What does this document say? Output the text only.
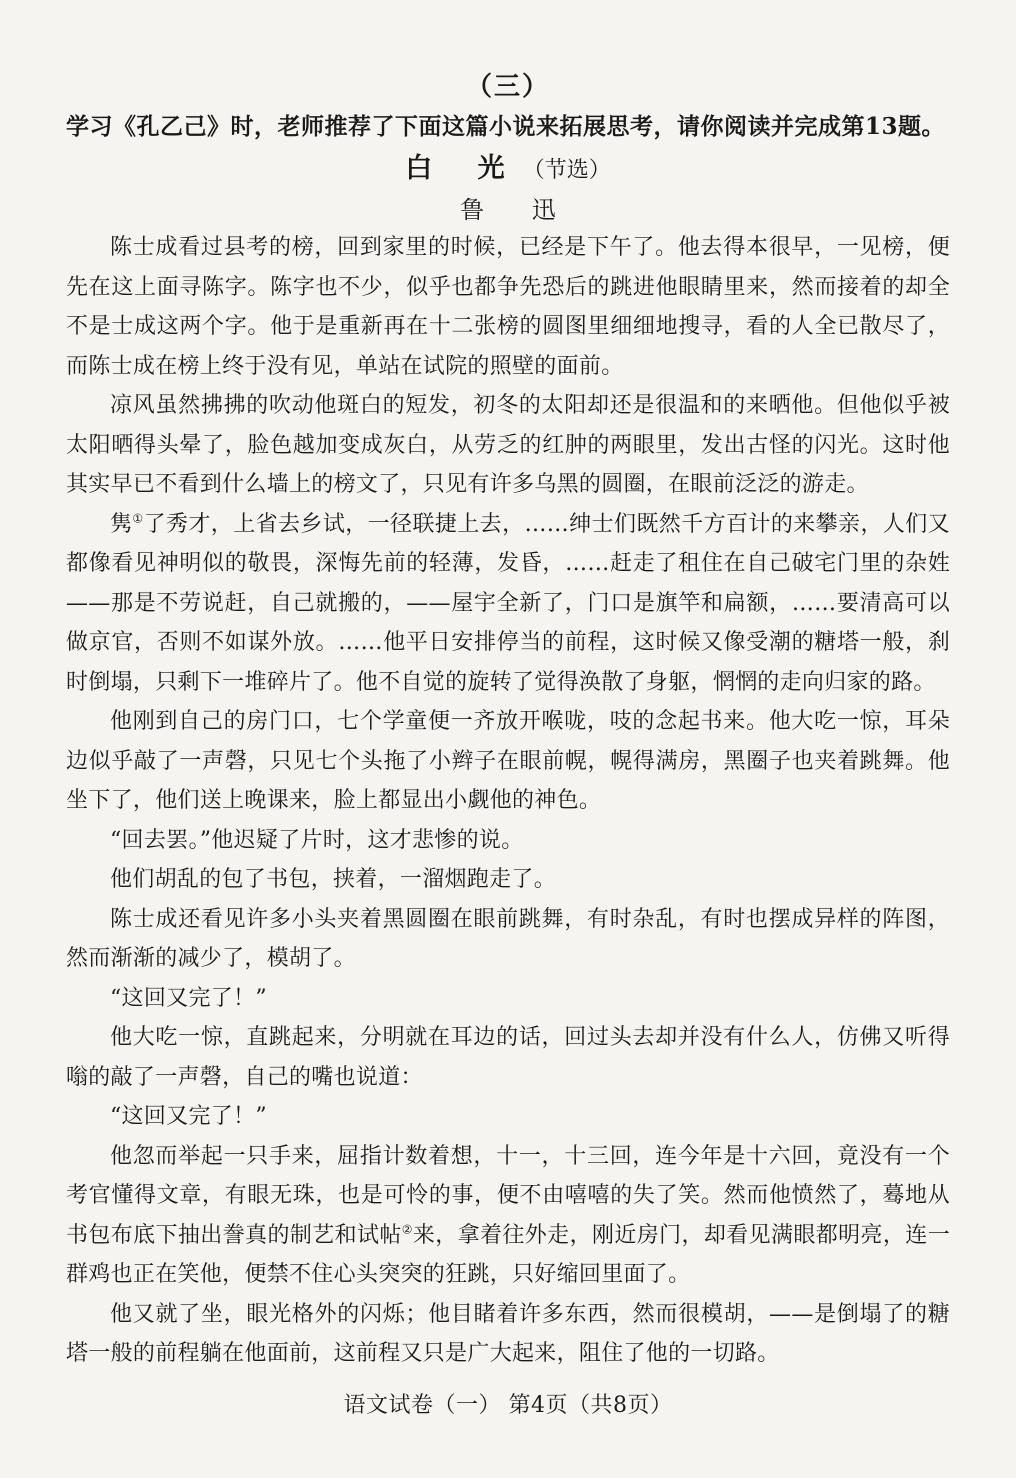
（三）
学习《孔乙己》时，老师推荐了下面这篇小说来拓展思考，请你阅读并完成第13题。
白 光（节选）
鲁 迅

陈士成看过县考的榜，回到家里的时候，已经是下午了。他去得本很早，一见榜，便先在这上面寻陈字。陈字也不少，似乎也都争先恐后的跳进他眼睛里来，然而接着的却全不是士成这两个字。他于是重新再在十二张榜的圆图里细细地搜寻，看的人全已散尽了，而陈士成在榜上终于没有见，单站在试院的照壁的面前。

凉风虽然拂拂的吹动他斑白的短发，初冬的太阳却还是很温和的来晒他。但他似乎被太阳晒得头晕了，脸色越加变成灰白，从劳乏的红肿的两眼里，发出古怪的闪光。这时他其实早已不看到什么墙上的榜文了，只见有许多乌黑的圆圈，在眼前泛泛的游走。

隽①了秀才，上省去乡试，一径联捷上去，……绅士们既然千方百计的来攀亲，人们又都像看见神明似的敬畏，深悔先前的轻薄，发昏，……赶走了租住在自己破宅门里的杂姓——那是不劳说赶，自己就搬的，——屋宇全新了，门口是旗竿和扁额，……要清高可以做京官，否则不如谋外放。……他平日安排停当的前程，这时候又像受潮的糖塔一般，刹时倒塌，只剩下一堆碎片了。他不自觉的旋转了觉得涣散了身躯，惘惘的走向归家的路。

他刚到自己的房门口，七个学童便一齐放开喉咙，吱的念起书来。他大吃一惊，耳朵边似乎敲了一声磬，只见七个头拖了小辫子在眼前幌，幌得满房，黑圈子也夹着跳舞。他坐下了，他们送上晚课来，脸上都显出小觑他的神色。

“回去罢。”他迟疑了片时，这才悲惨的说。

他们胡乱的包了书包，挟着，一溜烟跑走了。

陈士成还看见许多小头夹着黑圆圈在眼前跳舞，有时杂乱，有时也摆成异样的阵图，然而渐渐的减少了，模胡了。

“这回又完了！”

他大吃一惊，直跳起来，分明就在耳边的话，回过头去却并没有什么人，仿佛又听得嗡的敲了一声磬，自己的嘴也说道：

“这回又完了！”

他忽而举起一只手来，屈指计数着想，十一，十三回，连今年是十六回，竟没有一个考官懂得文章，有眼无珠，也是可怜的事，便不由嘻嘻的失了笑。然而他愤然了，蓦地从书包布底下抽出誊真的制艺和试帖②来，拿着往外走，刚近房门，却看见满眼都明亮，连一群鸡也正在笑他，便禁不住心头突突的狂跳，只好缩回里面了。

他又就了坐，眼光格外的闪烁；他目睹着许多东西，然而很模胡，——是倒塌了的糖塔一般的前程躺在他面前，这前程又只是广大起来，阻住了他的一切路。

语文试卷（一） 第4页（共8页）
